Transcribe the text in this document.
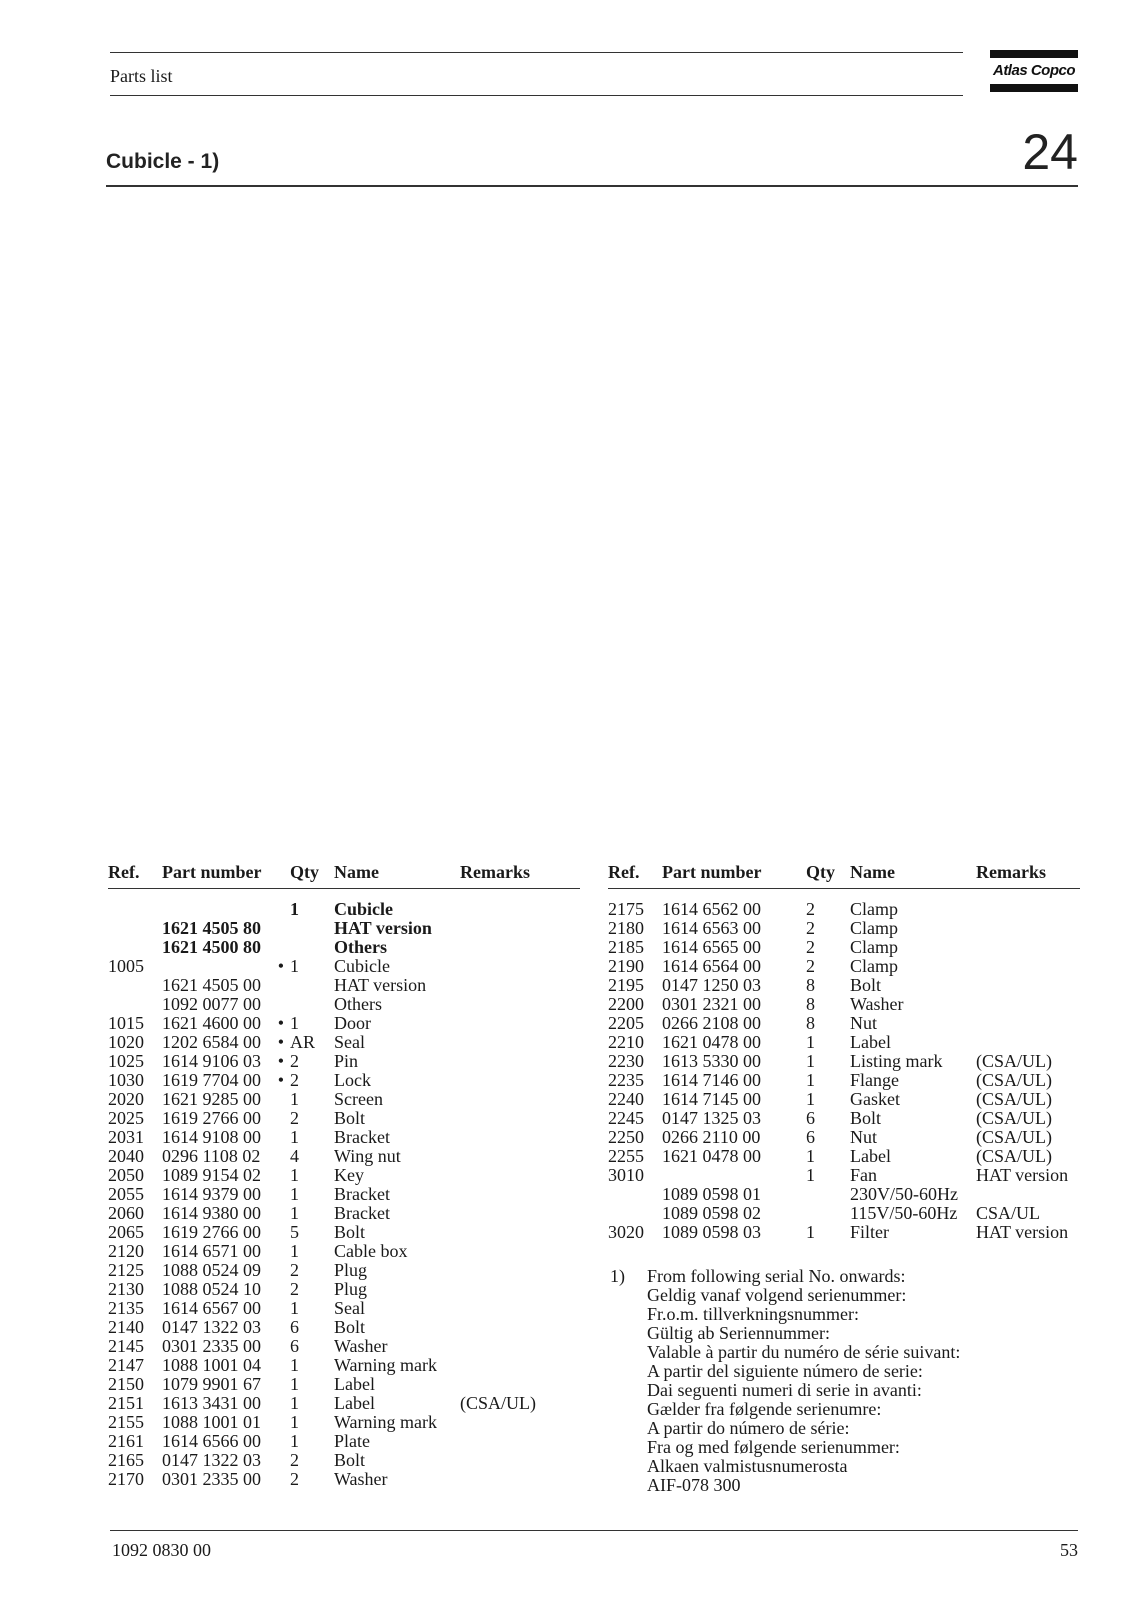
Parts list	Atlas Copco
Cubicle - 1)	24
Ref.	Part number		Qty	Name	Remarks

			1	Cubicle	
	1621 4505 80			HAT version	
	1621 4500 80			Others	
1005		•	1	Cubicle	
	1621 4505 00			HAT version	
	1092 0077 00			Others	
1015	1621 4600 00	•	1	Door	
1020	1202 6584 00	•	AR	Seal	
1025	1614 9106 03	•	2	Pin	
1030	1619 7704 00	•	2	Lock	
2020	1621 9285 00		1	Screen	
2025	1619 2766 00		2	Bolt	
2031	1614 9108 00		1	Bracket	
2040	0296 1108 02		4	Wing nut	
2050	1089 9154 02		1	Key	
2055	1614 9379 00		1	Bracket	
2060	1614 9380 00		1	Bracket	
2065	1619 2766 00		5	Bolt	
2120	1614 6571 00		1	Cable box	
2125	1088 0524 09		2	Plug	
2130	1088 0524 10		2	Plug	
2135	1614 6567 00		1	Seal	
2140	0147 1322 03		6	Bolt	
2145	0301 2335 00		6	Washer	
2147	1088 1001 04		1	Warning mark	
2150	1079 9901 67		1	Label	
2151	1613 3431 00		1	Label	(CSA/UL)
2155	1088 1001 01		1	Warning mark	
2161	1614 6566 00		1	Plate	
2165	0147 1322 03		2	Bolt	
2170	0301 2335 00		2	Washer	
Ref.	Part number	Qty	Name	Remarks

2175	1614 6562 00	2	Clamp	
2180	1614 6563 00	2	Clamp	
2185	1614 6565 00	2	Clamp	
2190	1614 6564 00	2	Clamp	
2195	0147 1250 03	8	Bolt	
2200	0301 2321 00	8	Washer	
2205	0266 2108 00	8	Nut	
2210	1621 0478 00	1	Label	
2230	1613 5330 00	1	Listing mark	(CSA/UL)
2235	1614 7146 00	1	Flange	(CSA/UL)
2240	1614 7145 00	1	Gasket	(CSA/UL)
2245	0147 1325 03	6	Bolt	(CSA/UL)
2250	0266 2110 00	6	Nut	(CSA/UL)
2255	1621 0478 00	1	Label	(CSA/UL)
3010		1	Fan	HAT version
	1089 0598 01		230V/50-60Hz	
	1089 0598 02		115V/50-60Hz	CSA/UL
3020	1089 0598 03	1	Filter	HAT version
1) From following serial No. onwards:
Geldig vanaf volgend serienummer:
Fr.o.m. tillverkningsnummer:
Gültig ab Seriennummer:
Valable à partir du numéro de série suivant:
A partir del siguiente número de serie:
Dai seguenti numeri di serie in avanti:
Gælder fra følgende serienumre:
A partir do número de série:
Fra og med følgende serienummer:
Alkaen valmistusnumerosta
AIF-078 300
1092 0830 00	53
